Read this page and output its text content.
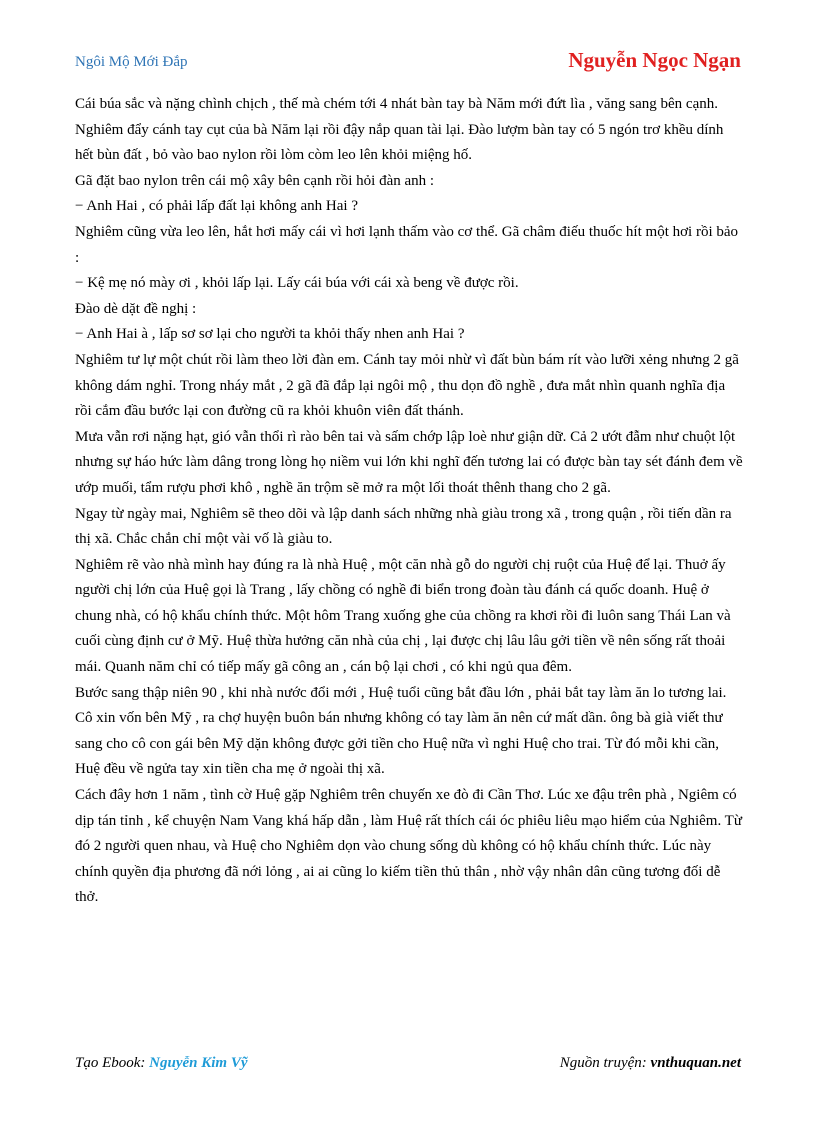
Ngôi Mộ Mới Đắp	Nguyễn Ngọc Ngạn

Cái búa sắc và nặng chình chịch , thế mà chém tới 4 nhát bàn tay bà Năm mới đứt lìa , văng sang bên cạnh. Nghiêm đẩy cánh tay cụt của bà Năm lại rồi đậy nắp quan tài lại. Đào lượm bàn tay có 5 ngón trơ khều dính hết bùn đất , bỏ vào bao nylon rồi lòm còm leo lên khỏi miệng hố.

Gã đặt bao nylon trên cái mộ xây bên cạnh rồi hỏi đàn anh :

− Anh Hai , có phải lấp đất lại không anh Hai ?

Nghiêm cũng vừa leo lên, hắt hơi mấy cái vì hơi lạnh thấm vào cơ thể. Gã châm điếu thuốc hít một hơi rồi bảo :

− Kệ mẹ nó mày ơi , khỏi lấp lại. Lấy cái búa với cái xà beng về được rồi.

Đào dè dặt đề nghị :

− Anh Hai à , lấp sơ sơ lại cho người ta khỏi thấy nhen anh Hai ?

Nghiêm tư lự một chút rồi làm theo lời đàn em. Cánh tay mỏi nhừ vì đất bùn bám rít vào lưỡi xẻng nhưng 2 gã không dám nghỉ. Trong nháy mắt , 2 gã đã đắp lại ngôi mộ , thu dọn đồ nghề , đưa mắt nhìn quanh nghĩa địa rồi cắm đầu bước lại con đường cũ ra khỏi khuôn viên đất thánh.

Mưa vẫn rơi nặng hạt, gió vẫn thổi rì rào bên tai và sấm chớp lập loè như giận dữ. Cả 2 ướt đẫm như chuột lột nhưng sự háo hức làm dâng trong lòng họ niềm vui lớn khi nghĩ đến tương lai có được bàn tay sét đánh đem về ướp muối, tẩm rượu phơi khô , nghề ăn trộm sẽ mở ra một lối thoát thênh thang cho 2 gã.

Ngay từ ngày mai, Nghiêm sẽ theo dõi và lập danh sách những nhà giàu trong xã , trong quận , rồi tiến dần ra thị xã. Chắc chắn chỉ một vài vố là giàu to.

Nghiêm rẽ vào nhà mình hay đúng ra là nhà Huệ , một căn nhà gỗ do người chị ruột của Huệ để lại. Thuở ấy người chị lớn của Huệ gọi là Trang , lấy chồng có nghề đi biển trong đoàn tàu đánh cá quốc doanh. Huệ ở chung nhà, có hộ khẩu chính thức. Một hôm Trang xuống ghe của chồng ra khơi rồi đi luôn sang Thái Lan và cuối cùng định cư ở Mỹ. Huệ thừa hưởng căn nhà của chị , lại được chị lâu lâu gởi tiền về nên sống rất thoải mái. Quanh năm chỉ có tiếp mấy gã công an , cán bộ lại chơi , có khi ngủ qua đêm.

Bước sang thập niên 90 , khi nhà nước đổi mới , Huệ tuổi cũng bắt đầu lớn , phải bắt tay làm ăn lo tương lai. Cô xin vốn bên Mỹ , ra chợ huyện buôn bán nhưng không có tay làm ăn nên cứ mất dần. ông bà già viết thư sang cho cô con gái bên Mỹ dặn không được gởi tiền cho Huệ nữa vì nghi Huệ cho trai. Từ đó mỗi khi cần, Huệ đều về ngửa tay xin tiền cha mẹ ở ngoài thị xã.

Cách đây hơn 1 năm , tình cờ Huệ gặp Nghiêm trên chuyến xe đò đi Cần Thơ. Lúc xe đậu trên phà , Ngiêm có dịp tán tỉnh , kể chuyện Nam Vang khá hấp dẫn , làm Huệ rất thích cái óc phiêu liêu mạo hiểm của Nghiêm. Từ đó 2 người quen nhau, và Huệ cho Nghiêm dọn vào chung sống dù không có hộ khẩu chính thức. Lúc này chính quyền địa phương đã nới lỏng , ai ai cũng lo kiếm tiền thủ thân , nhờ vậy nhân dân cũng tương đối dễ thở.

Tạo Ebook: Nguyễn Kim Vỹ	Nguồn truyện: vnthuquan.net
